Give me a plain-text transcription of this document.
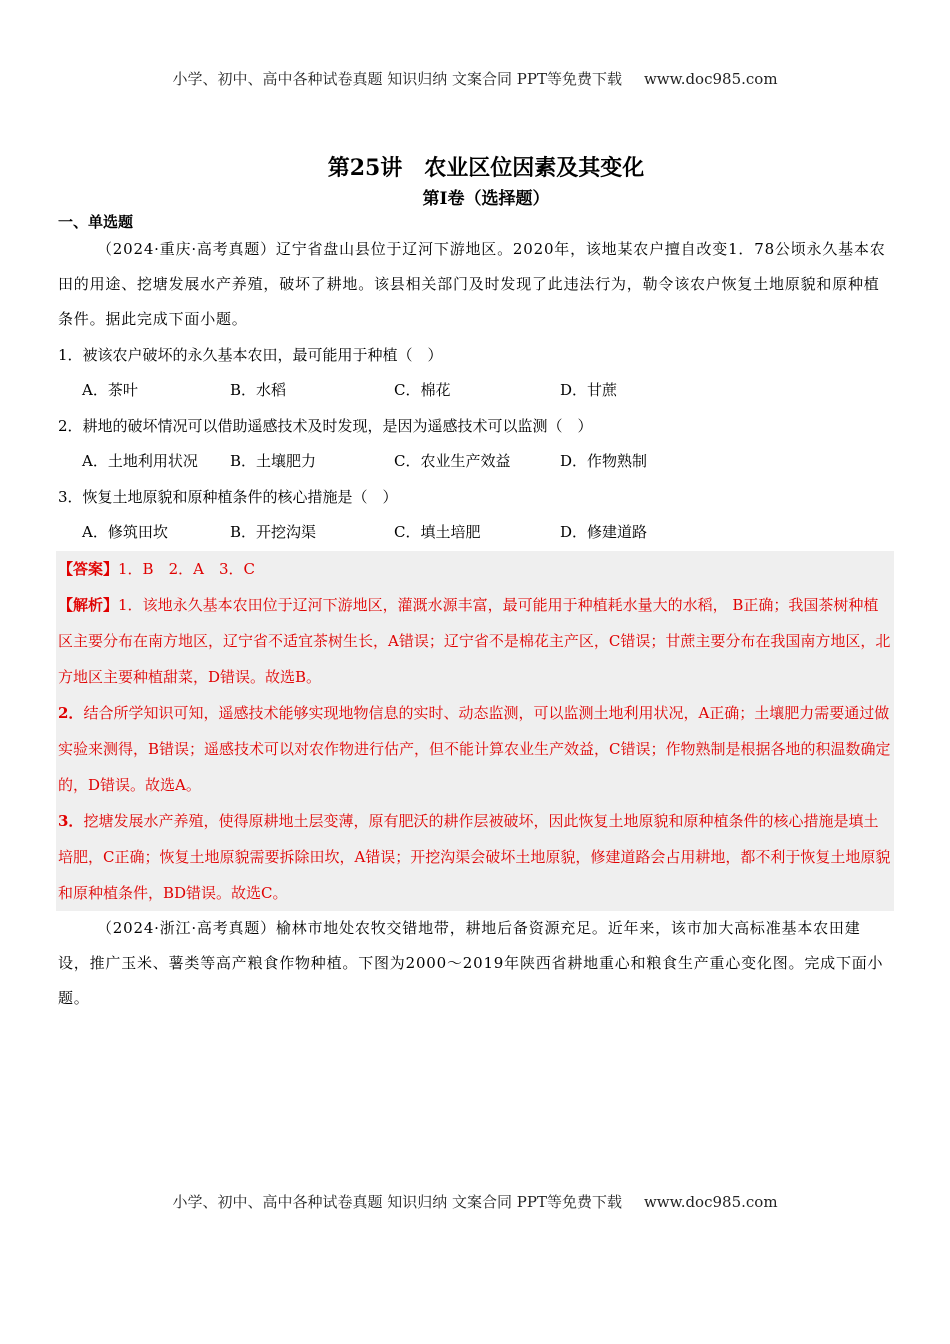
小学、初中、高中各种试卷真题 知识归纳 文案合同 PPT等免费下载 www.doc985.com
第25讲　农业区位因素及其变化
第I卷（选择题）
一、单选题
（2024·重庆·高考真题）辽宁省盘山县位于辽河下游地区。2020年，该地某农户擅自改变1．78公顷永久基本农田的用途、挖塘发展水产养殖，破坏了耕地。该县相关部门及时发现了此违法行为，勒令该农户恢复土地原貌和原种植条件。据此完成下面小题。
1．被该农户破坏的永久基本农田，最可能用于种植（　）
A．茶叶	B．水稻	C．棉花	D．甘蔗
2．耕地的破坏情况可以借助遥感技术及时发现，是因为遥感技术可以监测（　）
A．土地利用状况	B．土壤肥力	C．农业生产效益	D．作物熟制
3．恢复土地原貌和原种植条件的核心措施是（　）
A．修筑田坎	B．开挖沟渠	C．填土培肥	D．修建道路

【答案】1．B　2．A　3．C

【解析】1．该地永久基本农田位于辽河下游地区，灌溉水源丰富，最可能用于种植耗水量大的水稻， B正确；我国茶树种植区主要分布在南方地区，辽宁省不适宜茶树生长，A错误；辽宁省不是棉花主产区，C错误；甘蔗主要分布在我国南方地区，北方地区主要种植甜菜，D错误。故选B。

2．结合所学知识可知，遥感技术能够实现地物信息的实时、动态监测，可以监测土地利用状况，A正确；土壤肥力需要通过做实验来测得，B错误；遥感技术可以对农作物进行估产，但不能计算农业生产效益，C错误；作物熟制是根据各地的积温数确定的，D错误。故选A。

3．挖塘发展水产养殖，使得原耕地土层变薄，原有肥沃的耕作层被破坏，因此恢复土地原貌和原种植条件的核心措施是填土培肥，C正确；恢复土地原貌需要拆除田坎，A错误；开挖沟渠会破坏土地原貌，修建道路会占用耕地，都不利于恢复土地原貌和原种植条件，BD错误。故选C。

（2024·浙江·高考真题）榆林市地处农牧交错地带，耕地后备资源充足。近年来，该市加大高标准基本农田建设，推广玉米、薯类等高产粮食作物种植。下图为2000～2019年陕西省耕地重心和粮食生产重心变化图。完成下面小题。
小学、初中、高中各种试卷真题 知识归纳 文案合同 PPT等免费下载 www.doc985.com
